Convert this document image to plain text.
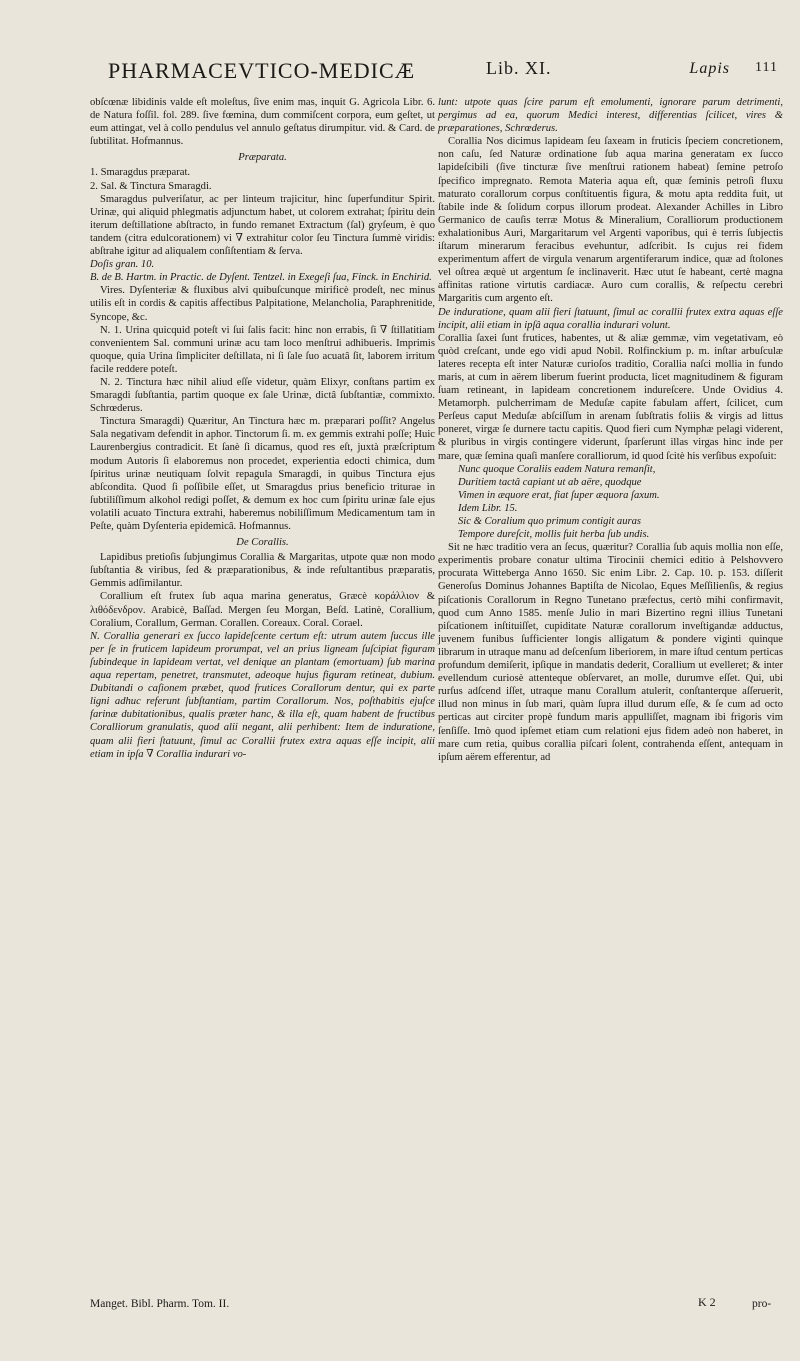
PHARMACEVTICO-MEDICÆ	Lib. XI.	Lapis 111

obſcœnæ libidinis valde eſt moleſtus, ſive enim mas, inquit G. Agricola Libr. 6. de Natura foſſil. fol. 289. ſive fœmina, dum commiſcent corpora, eum geſtet, ut eum attingat, vel à collo pendulus vel annulo geſtatus dirumpitur. vid. & Card. de ſubtilitat. Hofmannus.

Præparata.

1. Smaragdus præparat.

2. Sal. & Tinctura Smaragdi.

Smaragdus pulveriſatur, ac per linteum trajicitur, hinc ſuperfunditur Spirit. Urinæ, qui aliquid phlegmatis adjunctum habet, ut colorem extrahat; ſpiritu dein iterum deſtillatione abſtracto, in fundo remanet Extractum (ſal) gryſeum, è quo tandem (citra edulcorationem) vi ∇ extrahitur color ſeu Tinctura ſummè viridis: abſtrahe igitur ad aliqualem conſiſtentiam & ſerva.

Doſis gran. 10.

B. de B. Hartm. in Practic. de Dyſent. Tentzel. in Exegeſi ſua, Finck. in Enchirid.

Vires. Dyſenteriæ & fluxibus alvi quibuſcunque mirificè prodeſt, nec minus utilis eſt in cordis & capitis affectibus Palpitatione, Melancholia, Paraphrenitide, Syncope, &c.

N. 1. Urina quicquid poteſt vi ſui ſalis facit: hinc non errabis, ſi ∇ ſtillatitiam convenientem Sal. communi urinæ acu tam loco menſtrui adhibueris. Imprimis quoque, quia Urina ſimpliciter deſtillata, ni ſi ſale ſuo acuatâ ſit, laborem irritum facile reddere poteſt.

N. 2. Tinctura hæc nihil aliud eſſe videtur, quàm Elixyr, conſtans partim ex Smaragdi ſubſtantia, partim quoque ex ſale Urinæ, dictâ ſubſtantiæ, commixto. Schrœderus.

Tinctura Smaragdi) Quæritur, An Tinctura hæc m. præparari poſſit? Angelus Sala negativam defendit in aphor. Tinctorum ſi. m. ex gemmis extrahi poſſe; Huic Laurenbergius contradicit. Et ſanè ſi dicamus, quod res eſt, juxtà præſcriptum modum Autoris ſi elaboremus non procedet, experientia edocti chimica, dum ſpiritus urinæ neutiquam ſolvit repagula Smaragdi, in quibus Tinctura ejus abſcondita. Quod ſi poſſibile eſſet, ut Smaragdus prius beneficio triturae in ſubtiliſſimum alkohol redigi poſſet, & demum ex hoc cum ſpiritu urinæ ſale ejus volatili acuato Tinctura extrahi, haberemus nobiliſſimum Medicamentum tam in Peſte, quàm Dyſenteria epidemicâ. Hofmannus.

De Corallis.

Lapidibus pretioſis ſubjungimus Corallia & Margaritas, utpote quæ non modo ſubſtantia & viribus, ſed & præparationibus, & inde reſultantibus præparatis, Gemmis adſimilantur.

Corallium eſt frutex ſub aqua marina generatus, Græcè κοράλλιον & λιθόδενδρον. Arabicè, Baſſad. Mergen ſeu Morgan, Beſd. Latinè, Corallium, Coralium, Corallum, German. Corallen. Coreaux. Coral. Corael.

N. Corallia generari ex ſucco lapideſcente certum eſt: utrum autem ſuccus ille per ſe in fruticem lapideum prorumpat, vel an prius ligneam ſuſcipiat figuram ſubindeque in lapideam vertat, vel denique an plantam (emortuam) ſub marina aqua repertam, penetret, transmutet, adeoque hujus figuram retineat, dubium. Dubitandi o caſionem præbet, quod frutices Corallorum dentur, qui ex parte ligni adhuc referunt ſubſtantiam, partim Corallorum. Nos, poſthabitis ejuſce farinæ dubitationibus, qualis præter hanc, & illa eſt, quam habent de fructibus Coralliorum granulatis, quod alii negant, alii perhibent: Item de induratione, quam alii fieri ſtatuunt, ſimul ac Corallii frutex extra aquas eſſe incipit, alii etiam in ipſa ∇ Corallia indurari vo-

lunt: utpote quas ſcire parum eſt emolumenti, ignorare parum detrimenti, pergimus ad ea, quorum Medici interest, differentias ſcilicet, vires & præparationes, Schrœderus.

Corallia Nos dicimus lapideam ſeu ſaxeam in fruticis ſpeciem concretionem, non caſu, ſed Naturæ ordinatione ſub aqua marina generatam ex ſucco lapideſcibili (ſive tincturæ ſive menſtrui rationem habeat) ſemine petroſo ſpecifico impregnato. Remota Materia aqua eſt, quæ ſeminis petroſi fluxu maturato corallorum corpus conſtituentis figura, & motu apta reddita fuit, ut ſtabile inde & ſolidum corpus illorum prodeat. Alexander Achilles in Libro Germanico de cauſis terræ Motus & Mineralium, Coralliorum productionem exhalationibus Auri, Margaritarum vel Argenti vaporibus, qui è terris ſubjectis iſtarum minerarum feracibus evehuntur, adſcribit. Is cujus rei fidem experimentum affert de virgula venarum argentiferarum indice, quæ ad ſtolones vel oſtrea æquè ut argentum ſe inclinaverit. Hæc utut ſe habeant, certè magna affinitas ratione virtutis cardiacæ. Auro cum corallis, & reſpectu cerebri Margaritis cum argento eſt.

De induratione, quam alii fieri ſtatuunt, ſimul ac corallii frutex extra aquas eſſe incipit, alii etiam in ipſâ aqua corallia indurari volunt.

Corallia ſaxei ſunt frutices, habentes, ut & aliæ gemmæ, vim vegetativam, eò quòd creſcant, unde ego vidi apud Nobil. Rolfinckium p. m. inſtar arbuſculæ lateres recepta eſt inter Naturæ curioſos traditio, Corallia naſci mollia in fundo maris, at cum in aërem liberum fuerint producta, licet magnitudinem & figuram ſuam retineant, in lapideam concretionem indureſcere. Unde Ovidius 4. Metamorph. pulcherrimam de Meduſæ capite fabulam affert, ſcilicet, cum Perſeus caput Meduſæ abſciſſum in arenam ſubſtratis foliis & virgis ad littus poneret, virgæ ſe durnere tactu capitis. Quod fieri cum Nymphæ pelagi viderent, & pluribus in virgis contingere viderunt, ſparſerunt illas virgas hinc inde per mare, quæ ſemina quaſi manſere coralliorum, id quod ſcitè his verſibus expoſuit:

Nunc quoque Coraliis eadem Natura remanſit,

Duritiem tactâ capiant ut ab aëre, quodque

Vimen in æquore erat, fiat ſuper æquora ſaxum.

Idem Libr. 15.

Sic & Coralium quo primum contigit auras

Tempore dureſcit, mollis fuit herba ſub undis.

Sit ne hæc traditio vera an ſecus, quæritur? Corallia ſub aquis mollia non eſſe, experimentis probare conatur ultima Tirocinii chemici editio à Pelshovvero procurata Witteberga Anno 1650. Sic enim Libr. 2. Cap. 10. p. 153. diſſerit Generoſus Dominus Johannes Baptiſta de Nicolao, Eques Meſſilienſis, & regius piſcationis Corallorum in Regno Tunetano præfectus, certò mihi confirmavit, quod cum Anno 1585. menſe Julio in mari Bizertino regni illius Tunetani piſcationem inſtituiſſet, cupiditate Naturæ corallorum inveſtigandæ adductus, juvenem funibus ſufficienter longis alligatum & pondere viginti quinque librarum in utraque manu ad deſcenſum liberiorem, in mare iſtud centum perticas profundum demiſerit, ipſique in mandatis dederit, Corallium ut evelleret; & inter evellendum curiosè attenteque obſervaret, an molle, durumve eſſet. Qui, ubi rurſus adſcend iſſet, utraque manu Corallum atulerit, conſtanterque aſſeruerit, illud non minus in ſub mari, quàm ſupra illud durum eſſe, & ſe cum ad octo perticas aut circiter propè fundum maris appulliſſet, magnam ibi frigoris vim ſenſiſſe. Imò quod ipſemet etiam cum relationi ejus fidem adeò non haberet, in mare cum retia, quibus corallia piſcari ſolent, contrahenda eſſent, antequam in ipſum aërem efferentur, ad

Manget. Bibl. Pharm. Tom. II.	K 2	pro-
